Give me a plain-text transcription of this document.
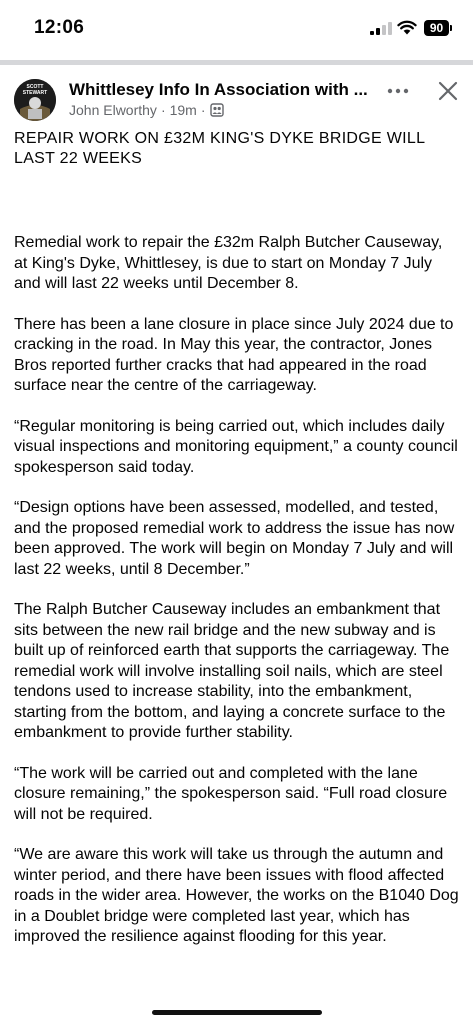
12:06	90
SCOTT STEWART Whittlesey Info In Association with ...
John Elworthy · 19m ·
REPAIR WORK ON £32M KING'S DYKE BRIDGE WILL LAST 22 WEEKS

Remedial work to repair the £32m Ralph Butcher Causeway, at King's Dyke, Whittlesey, is due to start on Monday 7 July and will last 22 weeks until December 8.

There has been a lane closure in place since July 2024 due to cracking in the road. In May this year, the contractor, Jones Bros reported further cracks that had appeared in the road surface near the centre of the carriageway.

“Regular monitoring is being carried out, which includes daily visual inspections and monitoring equipment,” a county council spokesperson said today.

“Design options have been assessed, modelled, and tested, and the proposed remedial work to address the issue has now been approved. The work will begin on Monday 7 July and will last 22 weeks, until 8 December.”

The Ralph Butcher Causeway includes an embankment that sits between the new rail bridge and the new subway and is built up of reinforced earth that supports the carriageway. The remedial work will involve installing soil nails, which are steel tendons used to increase stability, into the embankment, starting from the bottom, and laying a concrete surface to the embankment to provide further stability.

“The work will be carried out and completed with the lane closure remaining,” the spokesperson said. “Full road closure will not be required.

“We are aware this work will take us through the autumn and winter period, and there have been issues with flood affected roads in the wider area. However, the works on the B1040 Dog in a Doublet bridge were completed last year, which has improved the resilience against flooding for this year.
